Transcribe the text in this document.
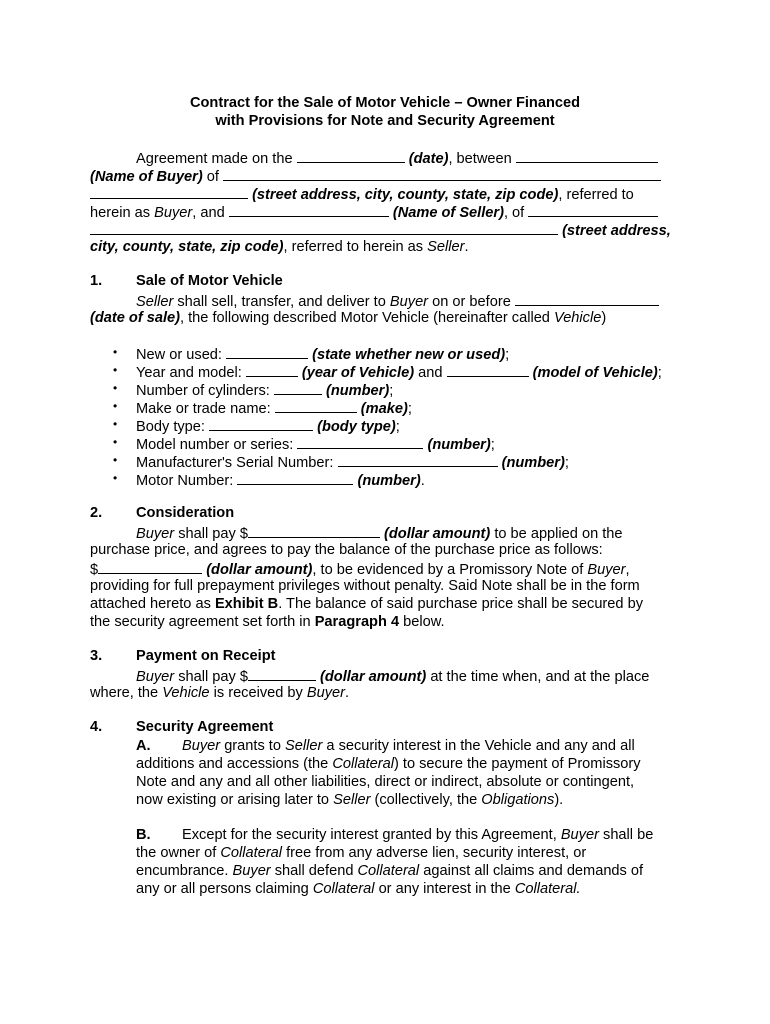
Contract for the Sale of Motor Vehicle – Owner Financed
with Provisions for Note and Security Agreement
Agreement made on the	(date), between
(Name of Buyer) of
(street address, city, county, state, zip code), referred to
herein as Buyer, and	(Name of Seller), of
(street address,
city, county, state, zip code), referred to herein as Seller.
1. Sale of Motor Vehicle
Seller shall sell, transfer, and deliver to Buyer on or before
(date of sale), the following described Motor Vehicle (hereinafter called Vehicle)
• New or used:	(state whether new or used);
• Year and model:	(year of Vehicle) and	(model of Vehicle);
• Number of cylinders:	(number);
• Make or trade name:	(make);
• Body type:	(body type);
• Model number or series:	(number);
• Manufacturer's Serial Number:	(number);
• Motor Number:	(number).
2. Consideration
Buyer shall pay $	(dollar amount) to be applied on the
purchase price, and agrees to pay the balance of the purchase price as follows:
$	(dollar amount), to be evidenced by a Promissory Note of Buyer,
providing for full prepayment privileges without penalty. Said Note shall be in the form
attached hereto as Exhibit B. The balance of said purchase price shall be secured by
the security agreement set forth in Paragraph 4 below.
3. Payment on Receipt
Buyer shall pay $	(dollar amount) at the time when, and at the place
where, the Vehicle is received by Buyer.
4. Security Agreement
A. Buyer grants to Seller a security interest in the Vehicle and any and all
additions and accessions (the Collateral) to secure the payment of Promissory
Note and any and all other liabilities, direct or indirect, absolute or contingent,
now existing or arising later to Seller (collectively, the Obligations).
B. Except for the security interest granted by this Agreement, Buyer shall be
the owner of Collateral free from any adverse lien, security interest, or
encumbrance. Buyer shall defend Collateral against all claims and demands of
any or all persons claiming Collateral or any interest in the Collateral.
